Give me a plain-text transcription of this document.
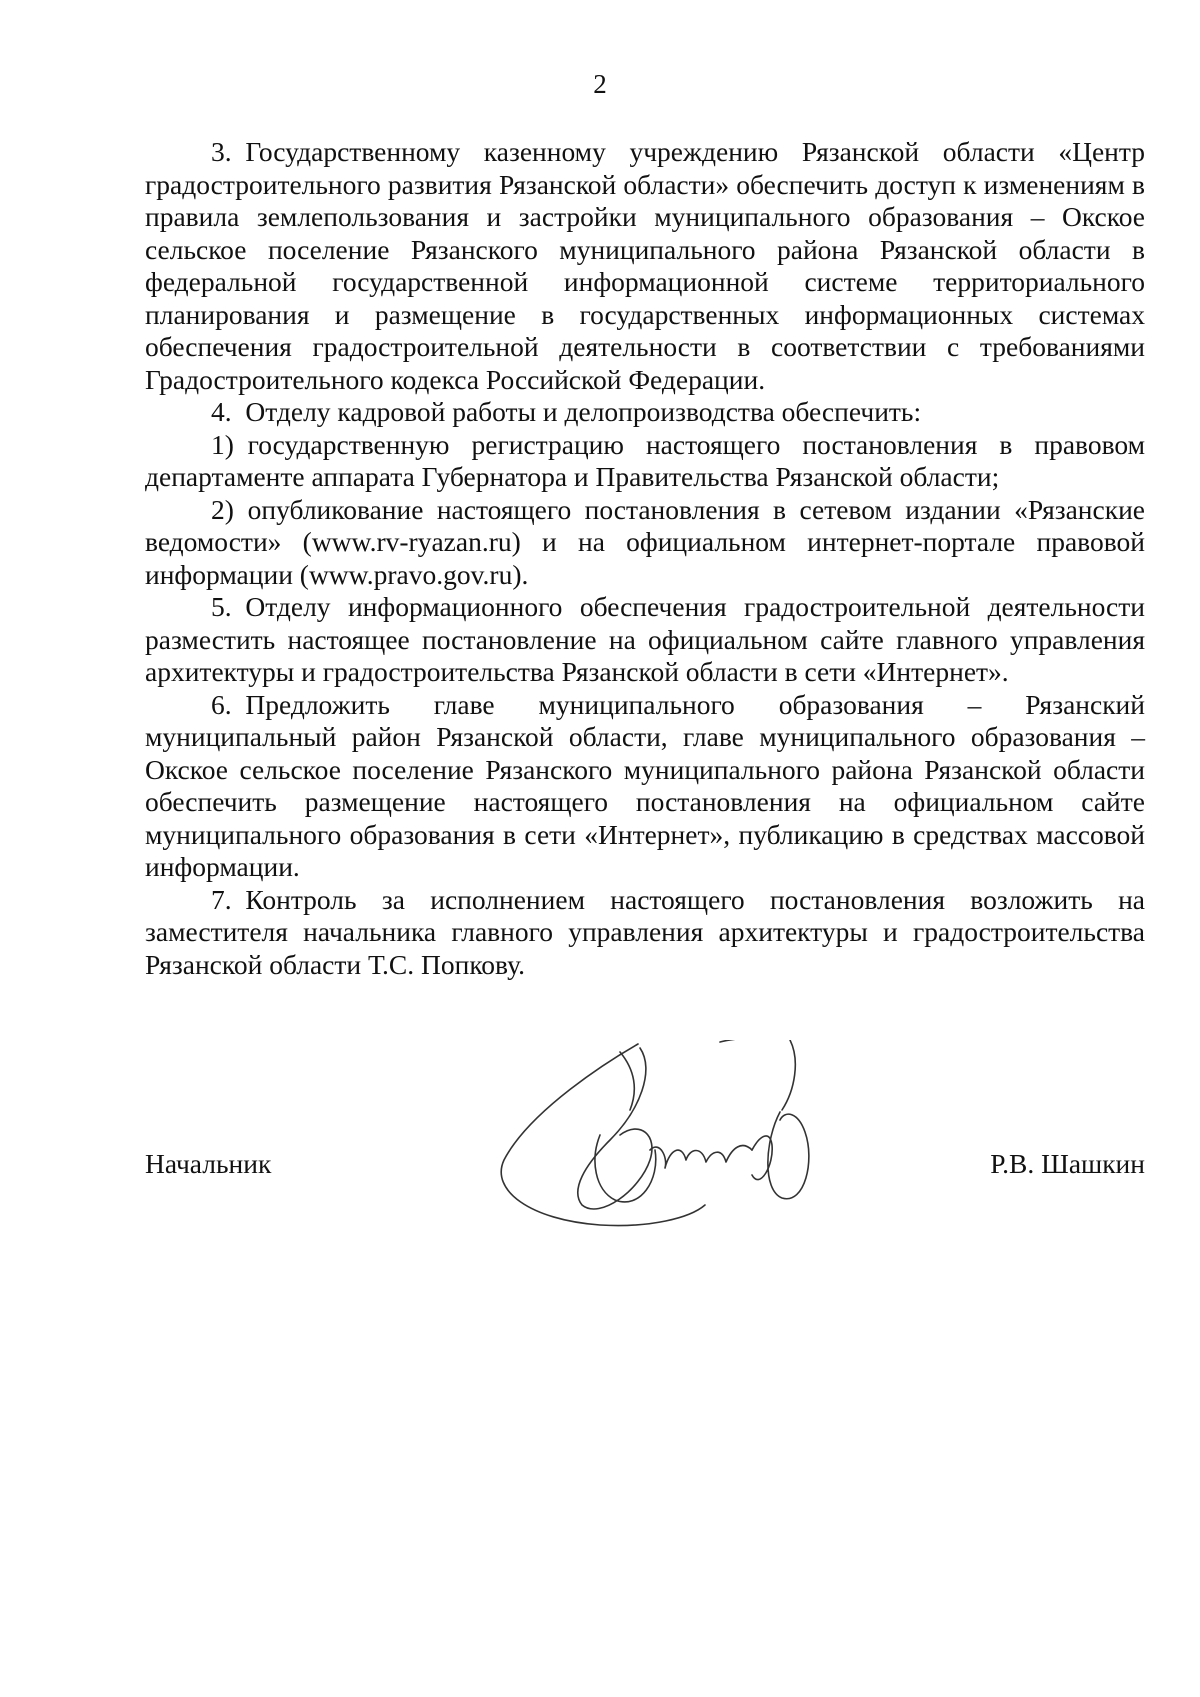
2

3. Государственному казенному учреждению Рязанской области «Центр градостроительного развития Рязанской области» обеспечить доступ к изменениям в правила землепользования и застройки муниципального образования – Окское сельское поселение Рязанского муниципального района Рязанской области в федеральной государственной информационной системе территориального планирования и размещение в государственных информационных системах обеспечения градостроительной деятельности в соответствии с требованиями Градостроительного кодекса Российской Федерации.

4. Отделу кадровой работы и делопроизводства обеспечить:

1) государственную регистрацию настоящего постановления в правовом департаменте аппарата Губернатора и Правительства Рязанской области;

2) опубликование настоящего постановления в сетевом издании «Рязанские ведомости» (www.rv-ryazan.ru) и на официальном интернет-портале правовой информации (www.pravo.gov.ru).

5. Отделу информационного обеспечения градостроительной деятельности разместить настоящее постановление на официальном сайте главного управления архитектуры и градостроительства Рязанской области в сети «Интернет».

6. Предложить главе муниципального образования – Рязанский муниципальный район Рязанской области, главе муниципального образования – Окское сельское поселение Рязанского муниципального района Рязанской области обеспечить размещение настоящего постановления на официальном сайте муниципального образования в сети «Интернет», публикацию в средствах массовой информации.

7. Контроль за исполнением настоящего постановления возложить на заместителя начальника главного управления архитектуры и градостроительства Рязанской области Т.С. Попкову.

Начальник	Р.В. Шашкин
